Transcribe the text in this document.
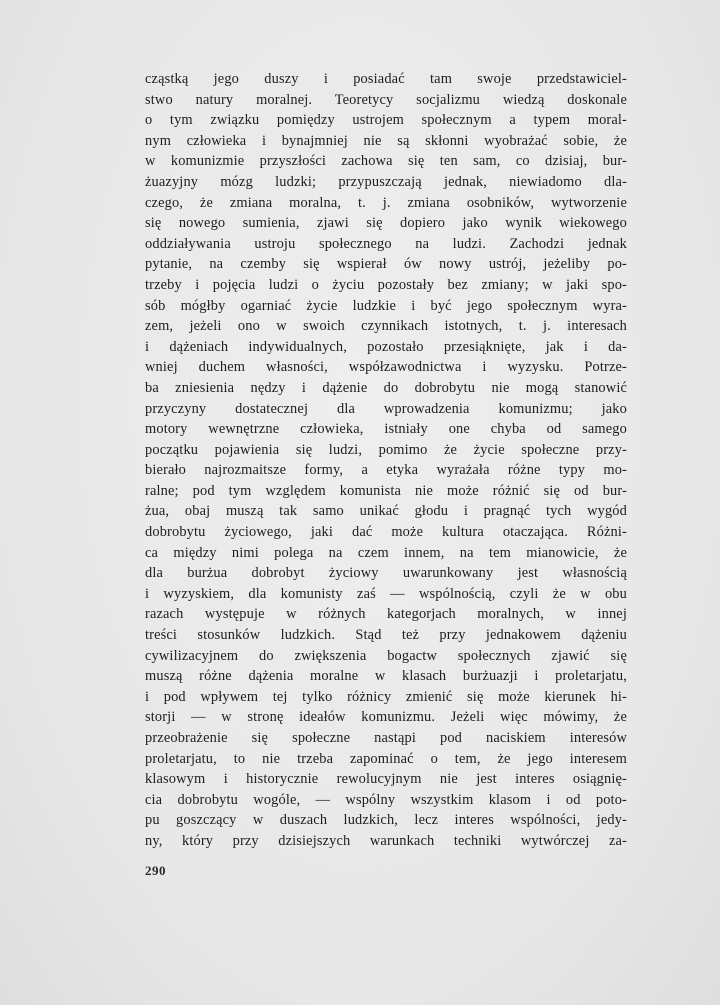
cząstką jego duszy i posiadać tam swoje przedstawiciel-
stwo natury moralnej. Teoretycy socjalizmu wiedzą doskonale
o tym związku pomiędzy ustrojem społecznym a typem moral-
nym człowieka i bynajmniej nie są skłonni wyobrażać sobie, że
w komunizmie przyszłości zachowa się ten sam, co dzisiaj, bur-
żuazyjny mózg ludzki; przypuszczają jednak, niewiadomo dla-
czego, że zmiana moralna, t. j. zmiana osobników, wytworzenie
się nowego sumienia, zjawi się dopiero jako wynik wiekowego
oddziaływania ustroju społecznego na ludzi. Zachodzi jednak
pytanie, na czemby się wspierał ów nowy ustrój, jeżeliby po-
trzeby i pojęcia ludzi o życiu pozostały bez zmiany; w jaki spo-
sób mógłby ogarniać życie ludzkie i być jego społecznym wyra-
zem, jeżeli ono w swoich czynnikach istotnych, t. j. interesach
i dążeniach indywidualnych, pozostało przesiąknięte, jak i da-
wniej duchem własności, współzawodnictwa i wyzysku. Potrze-
ba zniesienia nędzy i dążenie do dobrobytu nie mogą stanowić
przyczyny dostatecznej dla wprowadzenia komunizmu; jako
motory wewnętrzne człowieka, istniały one chyba od samego
początku pojawienia się ludzi, pomimo że życie społeczne przy-
bierało najrozmaitsze formy, a etyka wyrażała różne typy mo-
ralne; pod tym względem komunista nie może różnić się od bur-
żua, obaj muszą tak samo unikać głodu i pragnąć tych wygód
dobrobytu życiowego, jaki dać może kultura otaczająca. Różni-
ca między nimi polega na czem innem, na tem mianowicie, że
dla burżua dobrobyt życiowy uwarunkowany jest własnością
i wyzyskiem, dla komunisty zaś — wspólnością, czyli że w obu
razach występuje w różnych kategorjach moralnych, w innej
treści stosunków ludzkich. Stąd też przy jednakowem dążeniu
cywilizacyjnem do zwiększenia bogactw społecznych zjawić się
muszą różne dążenia moralne w klasach burżuazji i proletarjatu,
i pod wpływem tej tylko różnicy zmienić się może kierunek hi-
storji — w stronę ideałów komunizmu. Jeżeli więc mówimy, że
przeobrażenie się społeczne nastąpi pod naciskiem interesów
proletarjatu, to nie trzeba zapominać o tem, że jego interesem
klasowym i historycznie rewolucyjnym nie jest interes osiągnię-
cia dobrobytu wogóle, — wspólny wszystkim klasom i od poto-
pu goszczący w duszach ludzkich, lecz interes wspólności, jedy-
ny, który przy dzisiejszych warunkach techniki wytwórczej za-
290
